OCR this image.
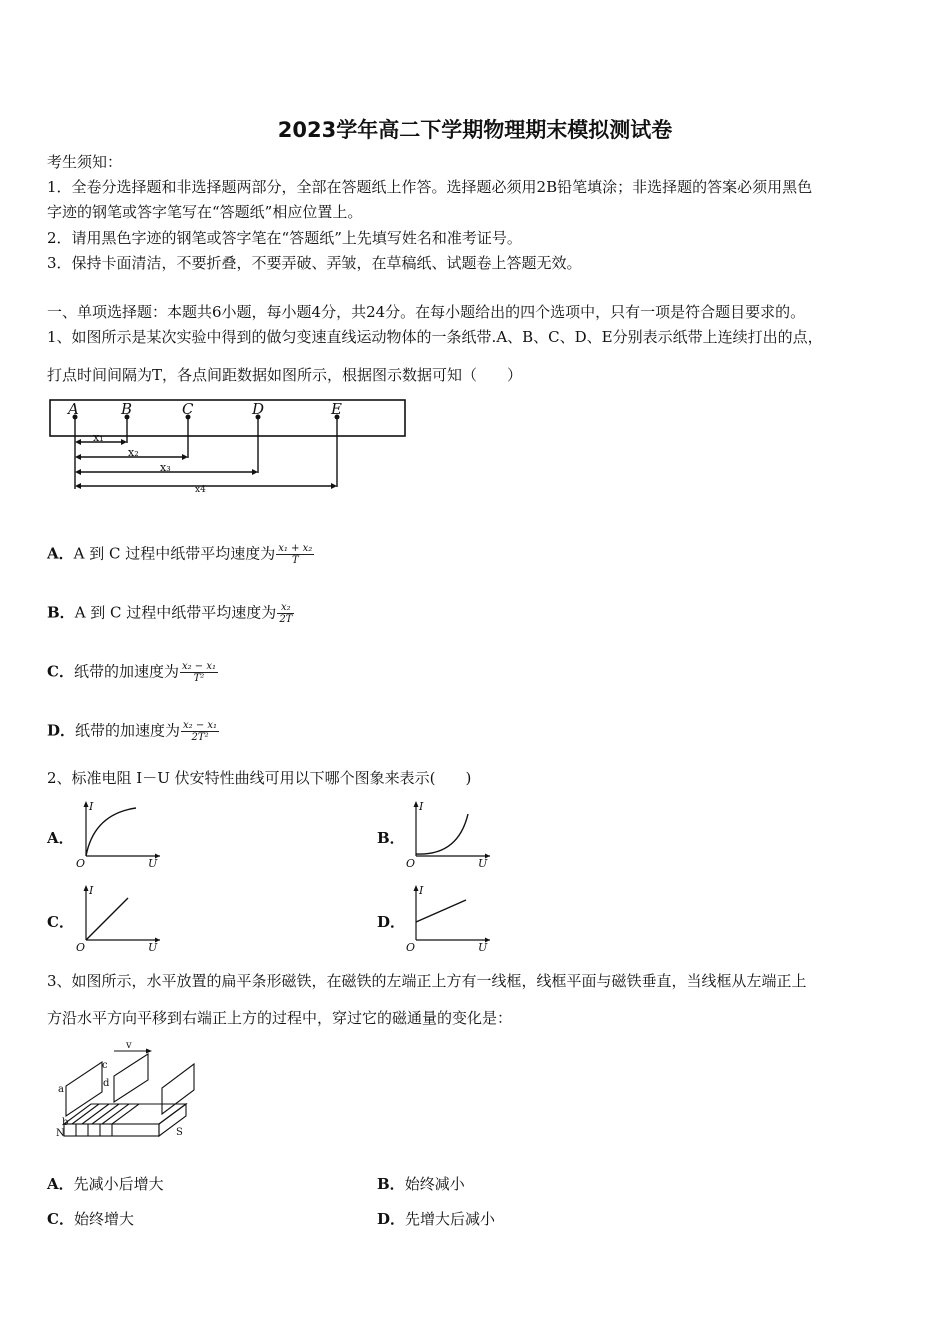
2023学年高二下学期物理期末模拟测试卷
考生须知：
1．全卷分选择题和非选择题两部分，全部在答题纸上作答。选择题必须用2B铅笔填涂；非选择题的答案必须用黑色
字迹的钢笔或答字笔写在“答题纸”相应位置上。
2．请用黑色字迹的钢笔或答字笔在“答题纸”上先填写姓名和准考证号。
3．保持卡面清洁，不要折叠，不要弄破、弄皱，在草稿纸、试题卷上答题无效。
一、单项选择题：本题共6小题，每小题4分，共24分。在每小题给出的四个选项中，只有一项是符合题目要求的。
1、如图所示是某次实验中得到的做匀变速直线运动物体的一条纸带.A、B、C、D、E分别表示纸带上连续打出的点，
打点时间间隔为T，各点间距数据如图所示，根据图示数据可知（　　）
A	B	C	D	E
x₁
x₂
x₃
x4
A．A 到 C 过程中纸带平均速度为 $\frac{\text{x₁ + x₂}}{T}$
B．A 到 C 过程中纸带平均速度为 $\frac{\text{x₂}}{2T}$
C．纸带的加速度为 $\frac{\text{x₂ − x₁}}{\text{T²}}$
D．纸带的加速度为 $\frac{\text{x₂ − x₁}}{\text{2T²}}$
2、标准电阻 I－U 伏安特性曲线可用以下哪个图象来表示(　　)
A．
I
U
O
B．
I
U
O
C．
I
U
O
D．
I
U
O
3、如图所示，水平放置的扁平条形磁铁，在磁铁的左端正上方有一线框，线框平面与磁铁垂直，当线框从左端正上
方沿水平方向平移到右端正上方的过程中，穿过它的磁通量的变化是：
v
a
b
c
d
N	S
A．先减小后增大	B．始终减小
C．始终增大	D．先增大后减小
